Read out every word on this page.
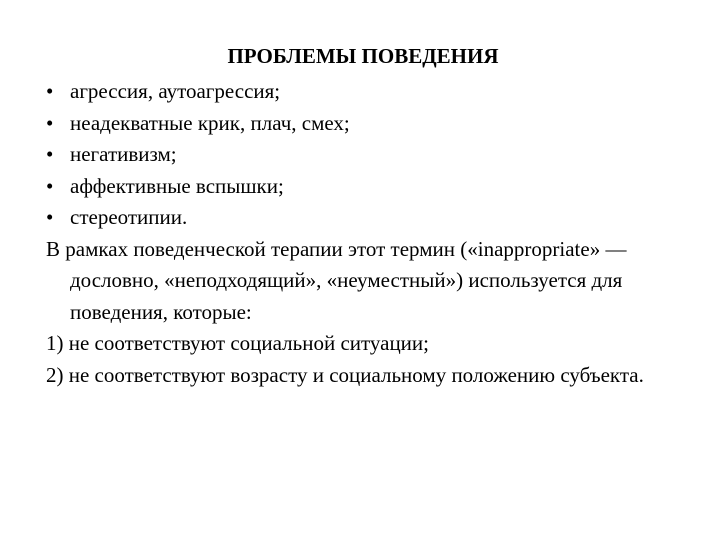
ПРОБЛЕМЫ ПОВЕДЕНИЯ
• агрессия, аутоагрессия;
• неадекватные крик, плач, смех;
• негативизм;
• аффективные вспышки;
• стереотипии.

В рамках поведенческой терапии этот термин («inappropriate» — дословно, «неподходящий», «неуместный») используется для поведения, которые:

1) не соответствуют социальной ситуации;

2) не соответствуют возрасту и социальному положению субъекта.
